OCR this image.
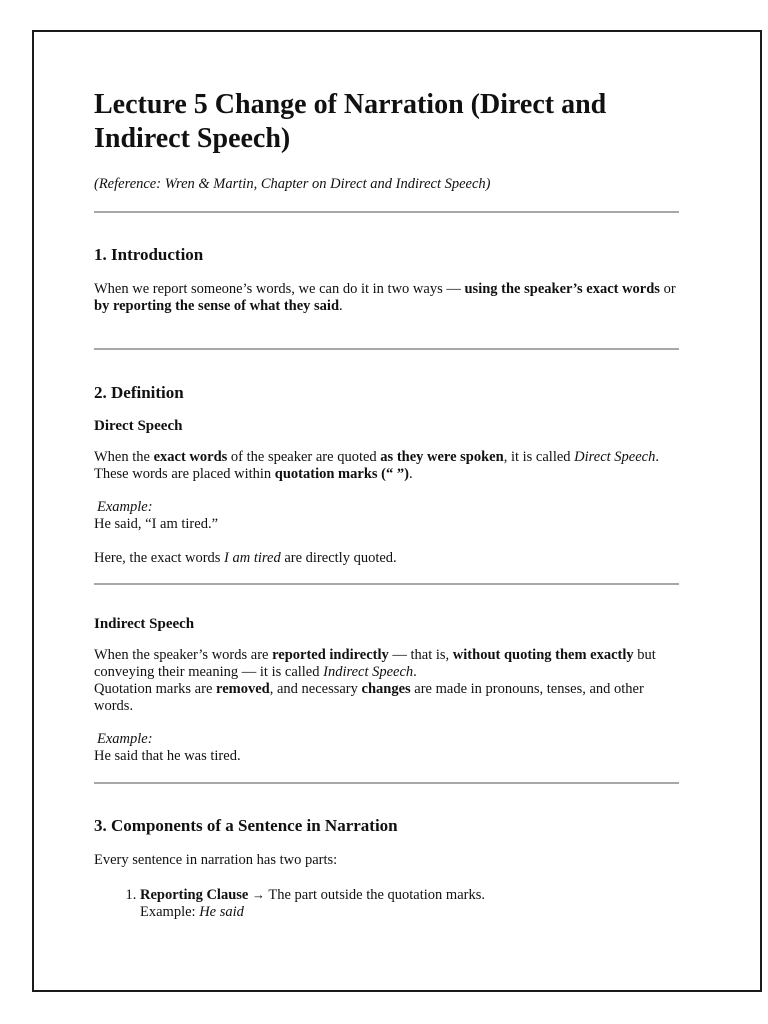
Lecture 5 Change of Narration (Direct and Indirect Speech)

(Reference: Wren & Martin, Chapter on Direct and Indirect Speech)

1. Introduction

When we report someone’s words, we can do it in two ways — using the speaker’s exact words or by reporting the sense of what they said.

2. Definition
Direct Speech

When the exact words of the speaker are quoted as they were spoken, it is called Direct Speech.

These words are placed within quotation marks (“ ”).

Example:

He said, “I am tired.”

Here, the exact words I am tired are directly quoted.

Indirect Speech

When the speaker’s words are reported indirectly — that is, without quoting them exactly but conveying their meaning — it is called Indirect Speech.

Quotation marks are removed, and necessary changes are made in pronouns, tenses, and other words.

Example:

He said that he was tired.

3. Components of a Sentence in Narration

Every sentence in narration has two parts:

1. Reporting Clause → The part outside the quotation marks.
Example: He said
